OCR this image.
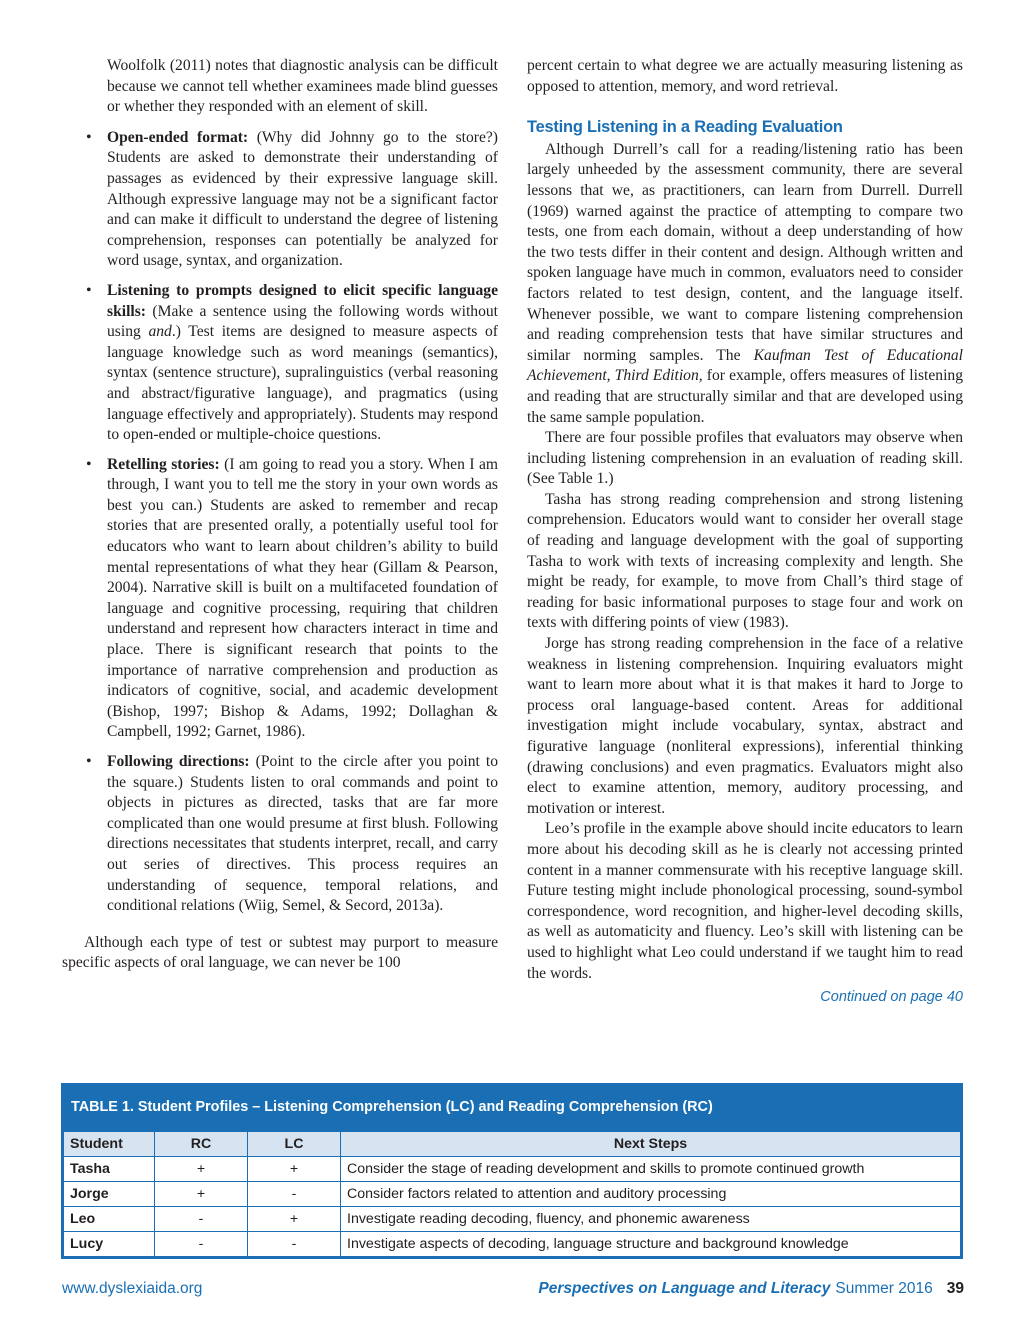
Woolfolk (2011) notes that diagnostic analysis can be difficult because we cannot tell whether examinees made blind guesses or whether they responded with an element of skill.

• Open-ended format: (Why did Johnny go to the store?) Students are asked to demonstrate their understanding of passages as evidenced by their expressive language skill. Although expressive language may not be a significant factor and can make it difficult to understand the degree of listening comprehension, responses can potentially be analyzed for word usage, syntax, and organization.
• Listening to prompts designed to elicit specific language skills: (Make a sentence using the following words without using and.) Test items are designed to measure aspects of language knowledge such as word meanings (semantics), syntax (sentence structure), supralinguistics (verbal reasoning and abstract/figurative language), and pragmatics (using language effectively and appropriately). Students may respond to open-ended or multiple-choice questions.
• Retelling stories: (I am going to read you a story. When I am through, I want you to tell me the story in your own words as best you can.) Students are asked to remember and recap stories that are presented orally, a potentially useful tool for educators who want to learn about children’s ability to build mental representations of what they hear (Gillam & Pearson, 2004). Narrative skill is built on a multifaceted foundation of language and cognitive processing, requiring that children understand and represent how characters interact in time and place. There is significant research that points to the importance of narrative comprehension and production as indicators of cognitive, social, and academic development (Bishop, 1997; Bishop & Adams, 1992; Dollaghan & Campbell, 1992; Garnet, 1986).
• Following directions: (Point to the circle after you point to the square.) Students listen to oral commands and point to objects in pictures as directed, tasks that are far more complicated than one would presume at first blush. Following directions necessitates that students interpret, recall, and carry out series of directives. This process requires an understanding of sequence, temporal relations, and conditional relations (Wiig, Semel, & Secord, 2013a).

Although each type of test or subtest may purport to measure specific aspects of oral language, we can never be 100

percent certain to what degree we are actually measuring listening as opposed to attention, memory, and word retrieval.

Testing Listening in a Reading Evaluation

Although Durrell’s call for a reading/listening ratio has been largely unheeded by the assessment community, there are several lessons that we, as practitioners, can learn from Durrell. Durrell (1969) warned against the practice of attempting to compare two tests, one from each domain, without a deep understanding of how the two tests differ in their content and design. Although written and spoken language have much in common, evaluators need to consider factors related to test design, content, and the language itself. Whenever possible, we want to compare listening comprehension and reading comprehension tests that have similar structures and similar norming samples. The Kaufman Test of Educational Achievement, Third Edition, for example, offers measures of listening and reading that are structurally similar and that are developed using the same sample population.

There are four possible profiles that evaluators may observe when including listening comprehension in an evaluation of reading skill. (See Table 1.)

Tasha has strong reading comprehension and strong listening comprehension. Educators would want to consider her overall stage of reading and language development with the goal of supporting Tasha to work with texts of increasing complexity and length. She might be ready, for example, to move from Chall’s third stage of reading for basic informational purposes to stage four and work on texts with differing points of view (1983).

Jorge has strong reading comprehension in the face of a relative weakness in listening comprehension. Inquiring evaluators might want to learn more about what it is that makes it hard to Jorge to process oral language-based content. Areas for additional investigation might include vocabulary, syntax, abstract and figurative language (nonliteral expressions), inferential thinking (drawing conclusions) and even pragmatics. Evaluators might also elect to examine attention, memory, auditory processing, and motivation or interest.

Leo’s profile in the example above should incite educators to learn more about his decoding skill as he is clearly not accessing printed content in a manner commensurate with his receptive language skill. Future testing might include phonological processing, sound-symbol correspondence, word recognition, and higher-level decoding skills, as well as automaticity and fluency. Leo’s skill with listening can be used to highlight what Leo could understand if we taught him to read the words.

Continued on page 40

TABLE 1. Student Profiles – Listening Comprehension (LC) and Reading Comprehension (RC)
Student	RC	LC	Next Steps
Tasha	+	+	Consider the stage of reading development and skills to promote continued growth
Jorge	+	-	Consider factors related to attention and auditory processing
Leo	-	+	Investigate reading decoding, fluency, and phonemic awareness
Lucy	-	-	Investigate aspects of decoding, language structure and background knowledge
www.dyslexiaida.org	Perspectives on Language and Literacy Summer 2016 39
